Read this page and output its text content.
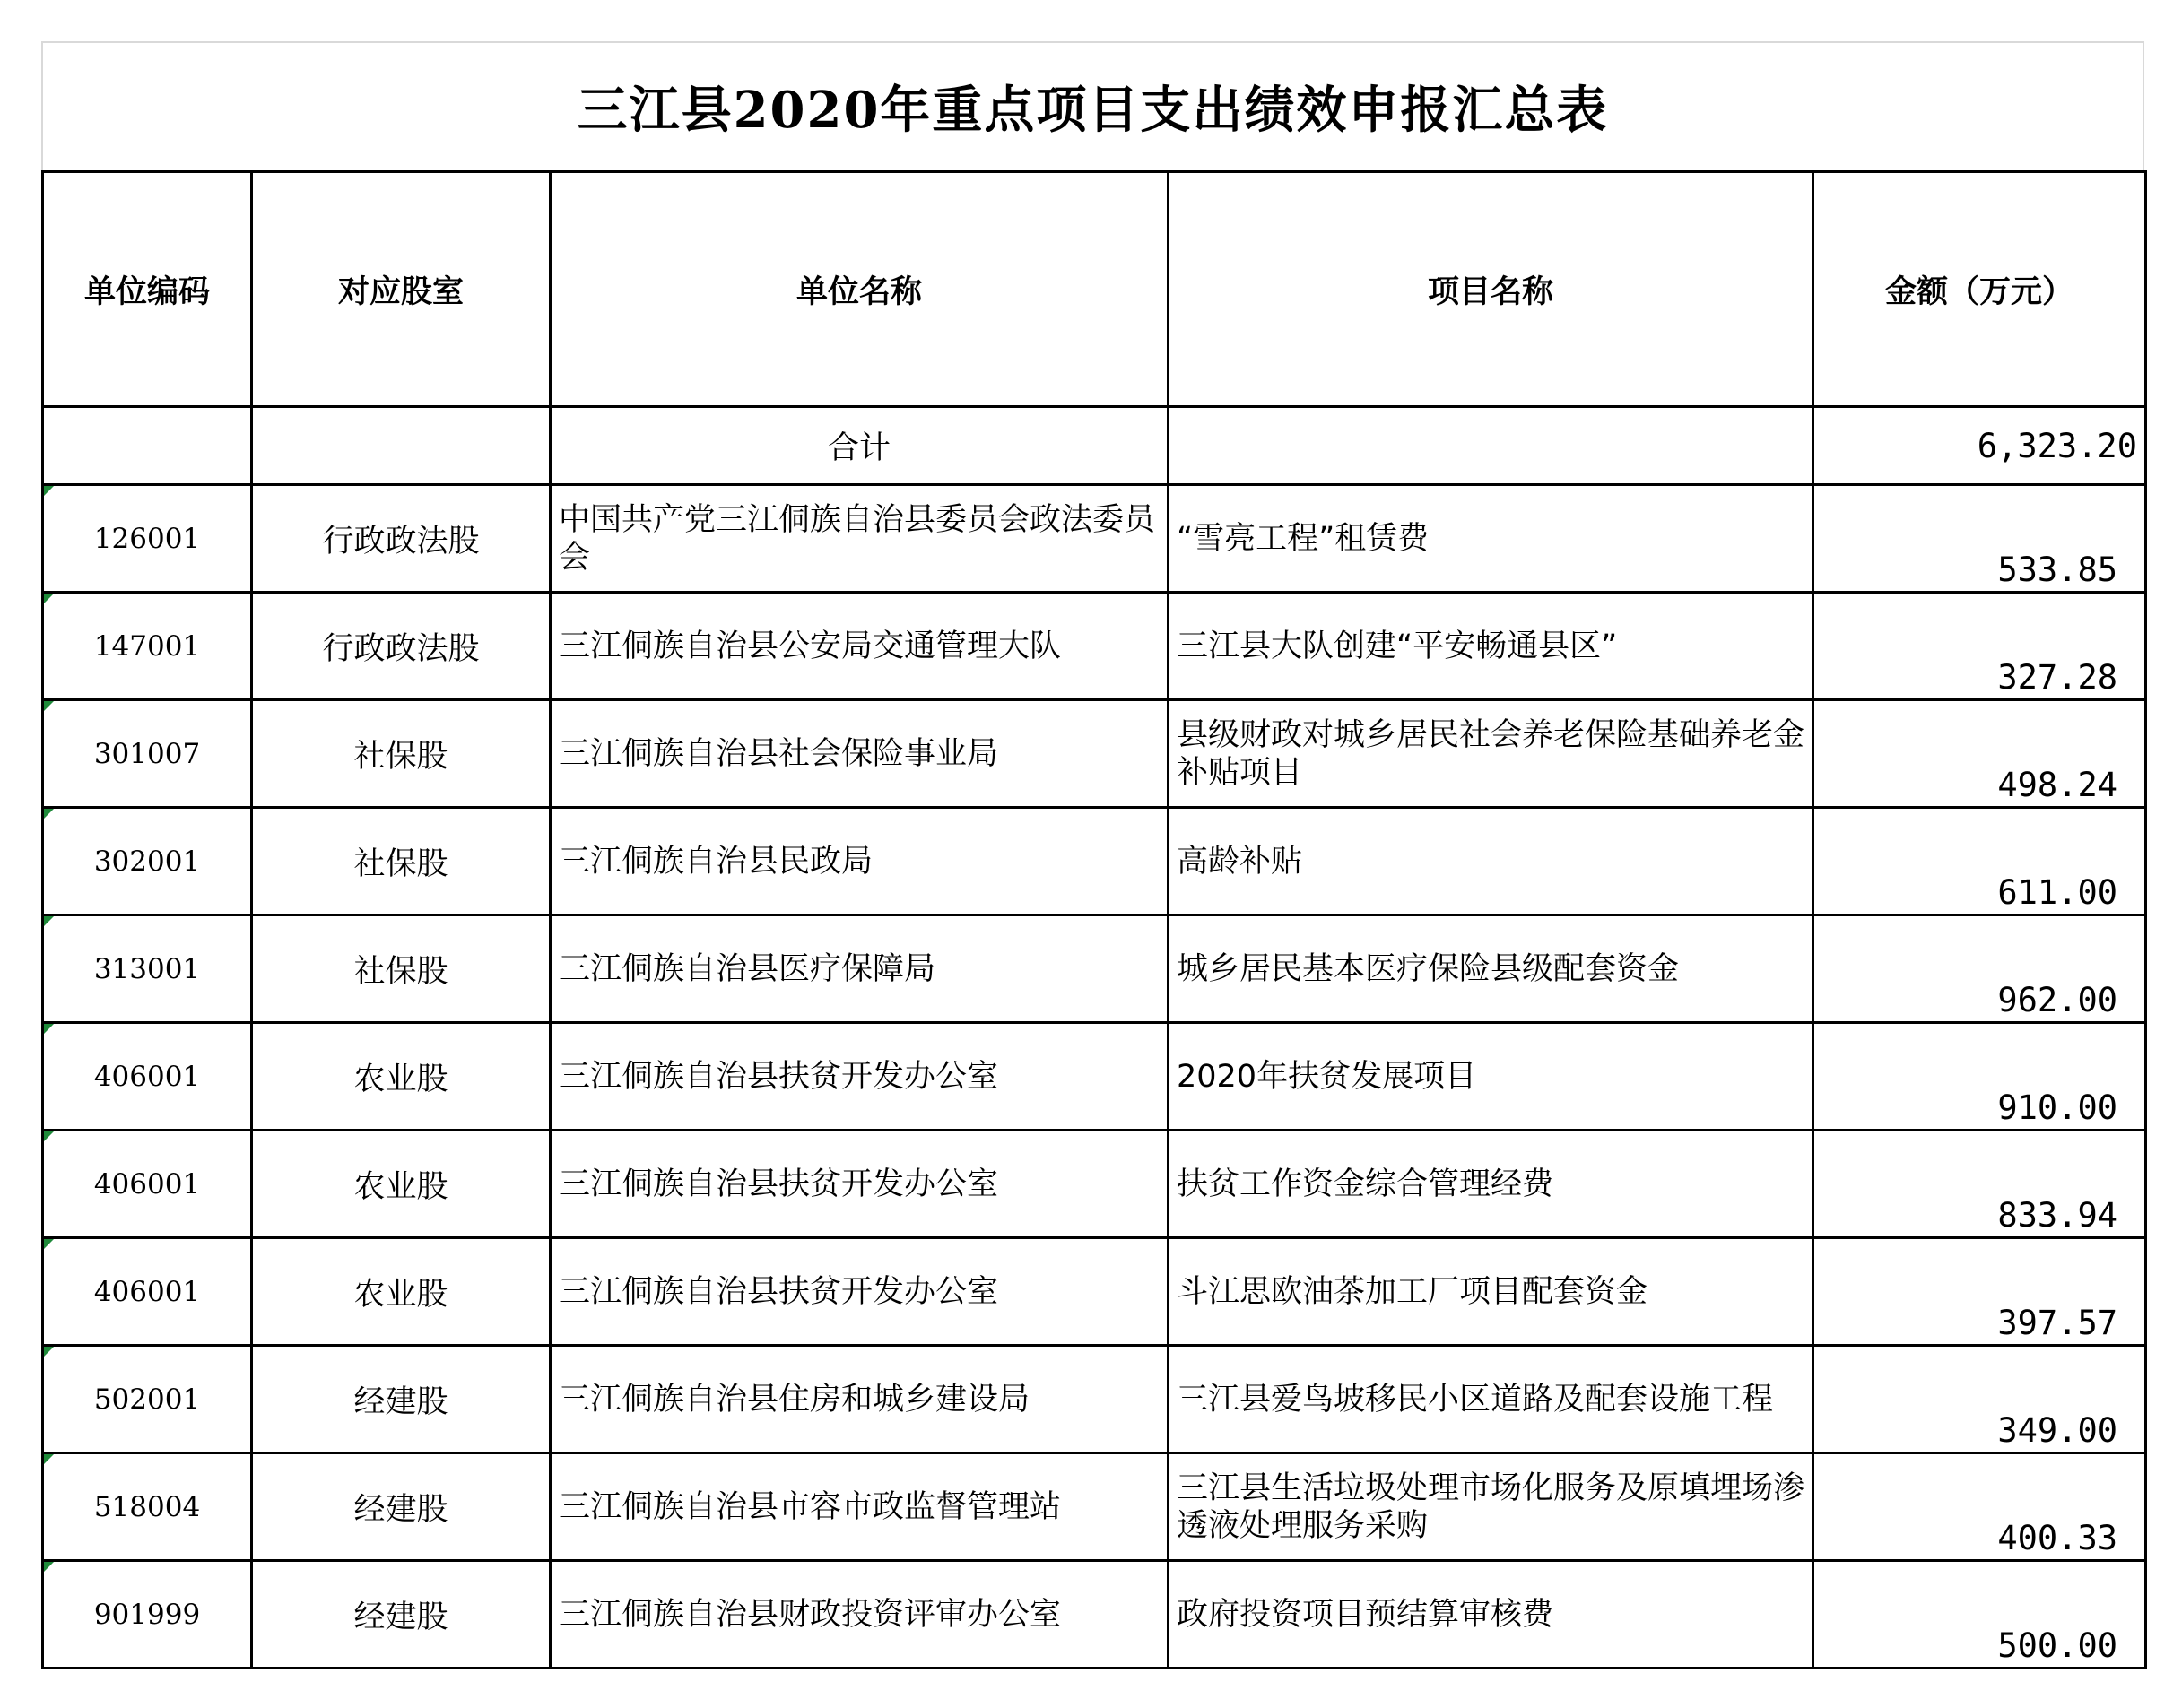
三江县2020年重点项目支出绩效申报汇总表
单位编码	对应股室	单位名称	项目名称	金额（万元）
		合计		6,323.20

126001	行政政法股	中国共产党三江侗族自治县委员会政法委员会	“雪亮工程”租赁费	533.85

147001	行政政法股	三江侗族自治县公安局交通管理大队	三江县大队创建“平安畅通县区”	327.28

301007	社保股	三江侗族自治县社会保险事业局	县级财政对城乡居民社会养老保险基础养老金补贴项目	498.24

302001	社保股	三江侗族自治县民政局	高龄补贴	611.00

313001	社保股	三江侗族自治县医疗保障局	城乡居民基本医疗保险县级配套资金	962.00

406001	农业股	三江侗族自治县扶贫开发办公室	2020年扶贫发展项目	910.00

406001	农业股	三江侗族自治县扶贫开发办公室	扶贫工作资金综合管理经费	833.94

406001	农业股	三江侗族自治县扶贫开发办公室	斗江思欧油茶加工厂项目配套资金	397.57

502001	经建股	三江侗族自治县住房和城乡建设局	三江县爱鸟坡移民小区道路及配套设施工程	349.00

518004	经建股	三江侗族自治县市容市政监督管理站	三江县生活垃圾处理市场化服务及原填埋场渗透液处理服务采购	400.33

901999	经建股	三江侗族自治县财政投资评审办公室	政府投资项目预结算审核费	500.00
